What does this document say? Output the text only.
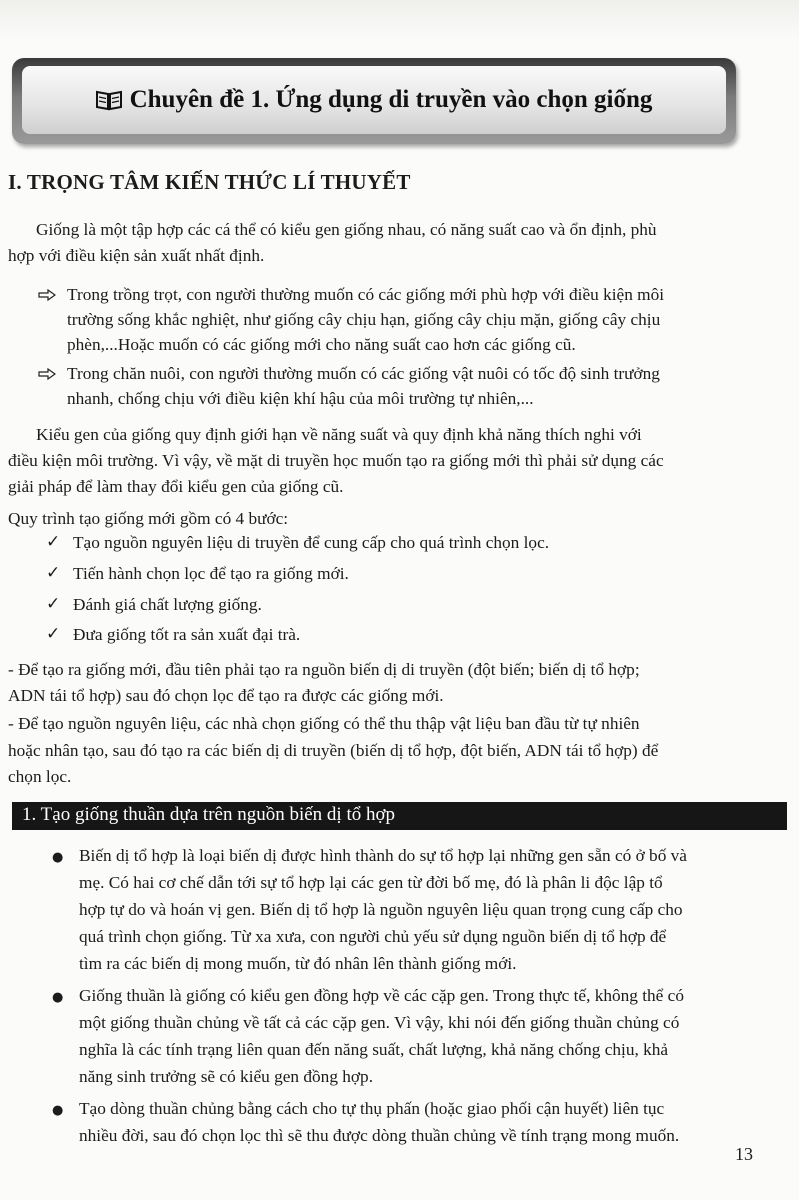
Chuyên đề 1. Ứng dụng di truyền vào chọn giống
I. TRỌNG TÂM KIẾN THỨC LÍ THUYẾT
Giống là một tập hợp các cá thể có kiểu gen giống nhau, có năng suất cao và ổn định, phù
hợp với điều kiện sản xuất nhất định.
Trong trồng trọt, con người thường muốn có các giống mới phù hợp với điều kiện môi
trường sống khắc nghiệt, như giống cây chịu hạn, giống cây chịu mặn, giống cây chịu
phèn,...Hoặc muốn có các giống mới cho năng suất cao hơn các giống cũ.
Trong chăn nuôi, con người thường muốn có các giống vật nuôi có tốc độ sinh trưởng
nhanh, chống chịu với điều kiện khí hậu của môi trường tự nhiên,...
Kiểu gen của giống quy định giới hạn về năng suất và quy định khả năng thích nghi với
điều kiện môi trường. Vì vậy, về mặt di truyền học muốn tạo ra giống mới thì phải sử dụng các
giải pháp để làm thay đổi kiểu gen của giống cũ.
Quy trình tạo giống mới gồm có 4 bước:
✓ Tạo nguồn nguyên liệu di truyền để cung cấp cho quá trình chọn lọc.
✓ Tiến hành chọn lọc để tạo ra giống mới.
✓ Đánh giá chất lượng giống.
✓ Đưa giống tốt ra sản xuất đại trà.
- Để tạo ra giống mới, đầu tiên phải tạo ra nguồn biến dị di truyền (đột biến; biến dị tổ hợp;
ADN tái tổ hợp) sau đó chọn lọc để tạo ra được các giống mới.
- Để tạo nguồn nguyên liệu, các nhà chọn giống có thể thu thập vật liệu ban đầu từ tự nhiên
hoặc nhân tạo, sau đó tạo ra các biến dị di truyền (biến dị tổ hợp, đột biến, ADN tái tổ hợp) để
chọn lọc.
1. Tạo giống thuần dựa trên nguồn biến dị tổ hợp
● Biến dị tổ hợp là loại biến dị được hình thành do sự tổ hợp lại những gen sẵn có ở bố và
mẹ. Có hai cơ chế dẫn tới sự tổ hợp lại các gen từ đời bố mẹ, đó là phân li độc lập tổ
hợp tự do và hoán vị gen. Biến dị tổ hợp là nguồn nguyên liệu quan trọng cung cấp cho
quá trình chọn giống. Từ xa xưa, con người chủ yếu sử dụng nguồn biến dị tổ hợp để
tìm ra các biến dị mong muốn, từ đó nhân lên thành giống mới.
● Giống thuần là giống có kiểu gen đồng hợp về các cặp gen. Trong thực tế, không thể có
một giống thuần chủng về tất cả các cặp gen. Vì vậy, khi nói đến giống thuần chủng có
nghĩa là các tính trạng liên quan đến năng suất, chất lượng, khả năng chống chịu, khả
năng sinh trưởng sẽ có kiểu gen đồng hợp.
● Tạo dòng thuần chủng bằng cách cho tự thụ phấn (hoặc giao phối cận huyết) liên tục
nhiều đời, sau đó chọn lọc thì sẽ thu được dòng thuần chủng về tính trạng mong muốn.
13
